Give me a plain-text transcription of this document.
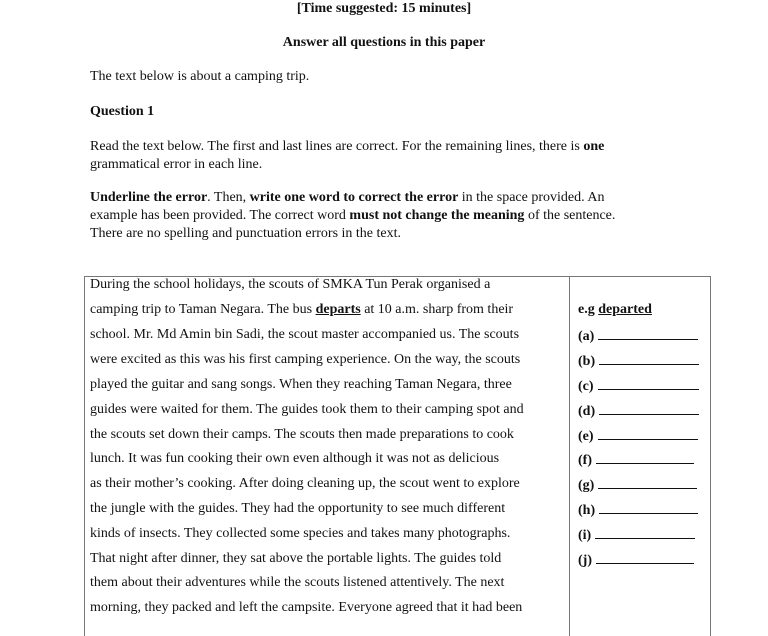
[Time suggested: 15 minutes]
Answer all questions in this paper
The text below is about a camping trip.
Question 1
Read the text below. The first and last lines are correct. For the remaining lines, there is one
grammatical error in each line.
Underline the error. Then, write one word to correct the error in the space provided. An
example has been provided. The correct word must not change the meaning of the sentence.
There are no spelling and punctuation errors in the text.
During the school holidays, the scouts of SMKA Tun Perak organised a
camping trip to Taman Negara. The bus departs at 10 a.m. sharp from their
school. Mr. Md Amin bin Sadi, the scout master accompanied us. The scouts
were excited as this was his first camping experience. On the way, the scouts
played the guitar and sang songs. When they reaching Taman Negara, three
guides were waited for them. The guides took them to their camping spot and
the scouts set down their camps. The scouts then made preparations to cook
lunch. It was fun cooking their own even although it was not as delicious
as their mother’s cooking. After doing cleaning up, the scout went to explore
the jungle with the guides. They had the opportunity to see much different
kinds of insects. They collected some species and takes many photographs.
That night after dinner, they sat above the portable lights. The guides told
them about their adventures while the scouts listened attentively. The next
morning, they packed and left the campsite. Everyone agreed that it had been
e.g departed
(a)
(b)
(c)
(d)
(e)
(f)
(g)
(h)
(i)
(j)
